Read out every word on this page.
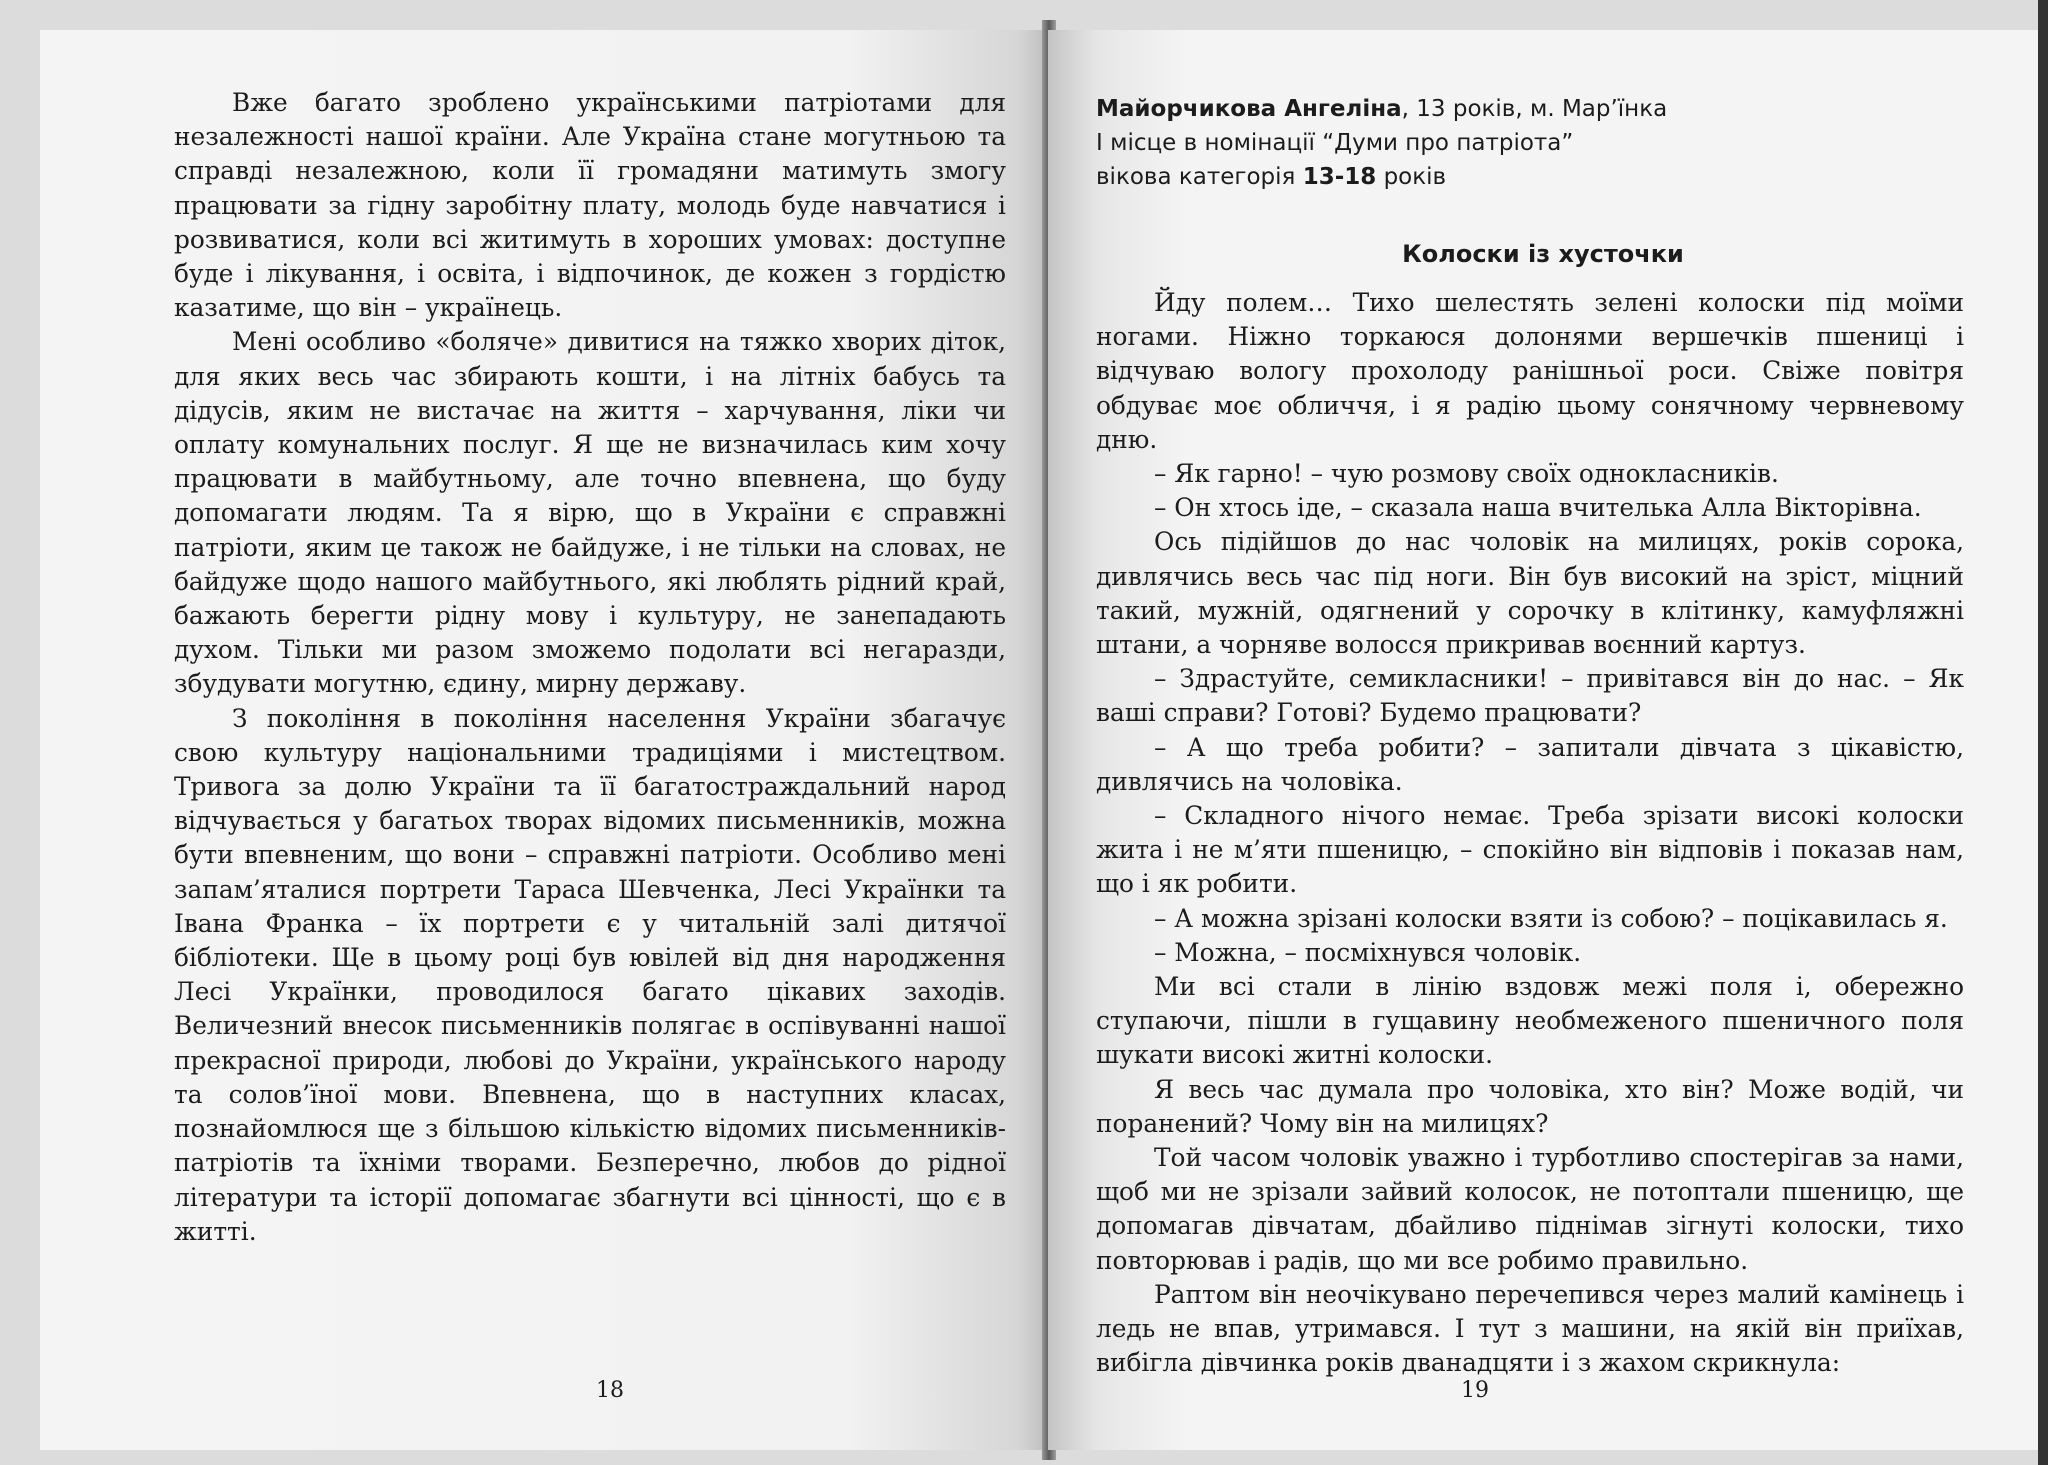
Вже багато зроблено українськими патріотами для незалежності нашої країни. Але Україна стане могутньою та справді незалежною, коли її громадяни матимуть змогу працювати за гідну заробітну плату, молодь буде навчатися і розвиватися, коли всі житимуть в хороших умовах: доступне буде і лікування, і освіта, і відпочинок, де кожен з гордістю казатиме, що він – українець.

Мені особливо «боляче» дивитися на тяжко хворих діток, для яких весь час збирають кошти, і на літніх бабусь та дідусів, яким не вистачає на життя – харчування, ліки чи оплату комунальних послуг. Я ще не визначилась ким хочу працювати в майбутньому, але точно впевнена, що буду допомагати людям. Та я вірю, що в України є справжні патріоти, яким це також не байдуже, і не тільки на словах, не байдуже щодо нашого майбутнього, які люблять рідний край, бажають берегти рідну мову і культуру, не занепадають духом. Тільки ми разом зможемо подолати всі негаразди, збудувати могутню, єдину, мирну державу.

З покоління в покоління населення України збагачує свою культуру національними традиціями і мистецтвом. Тривога за долю України та її багатостраждальний народ відчувається у багатьох творах відомих письменників, можна бути впевненим, що вони – справжні патріоти. Особливо мені запам’яталися портрети Тараса Шевченка, Лесі Українки та Івана Франка – їх портрети є у читальній залі дитячої бібліотеки. Ще в цьому році був ювілей від дня народження Лесі Українки, проводилося багато цікавих заходів. Величезний внесок письменників полягає в оспівуванні нашої прекрасної природи, любові до України, українського народу та солов’їної мови. Впевнена, що в наступних класах, познайомлюся ще з більшою кількістю відомих письменників-патріотів та їхніми творами. Безперечно, любов до рідної літератури та історії допомагає збагнути всі цінності, що є в житті.

18
Майорчикова Ангеліна, 13 років, м. Мар’їнка
І місце в номінації “Думи про патріота”
вікова категорія 13-18 років
Колоски із хусточки

Йду полем… Тихо шелестять зелені колоски під моїми ногами. Ніжно торкаюся долонями вершечків пшениці і відчуваю вологу прохолоду ранішньої роси. Свіже повітря обдуває моє обличчя, і я радію цьому сонячному червневому дню.

– Як гарно! – чую розмову своїх однокласників.

– Он хтось іде, – сказала наша вчителька Алла Вікторівна.

Ось підійшов до нас чоловік на милицях, років сорока, дивлячись весь час під ноги. Він був високий на зріст, міцний такий, мужній, одягнений у сорочку в клітинку, камуфляжні штани, а чорняве волосся прикривав воєнний картуз.

– Здрастуйте, семикласники! – привітався він до нас. – Як ваші справи? Готові? Будемо працювати?

– А що треба робити? – запитали дівчата з цікавістю, дивлячись на чоловіка.

– Складного нічого немає. Треба зрізати високі колоски жита і не м’яти пшеницю, – спокійно він відповів і показав нам, що і як робити.

– А можна зрізані колоски взяти із собою? – поцікавилась я.

– Можна, – посміхнувся чоловік.

Ми всі стали в лінію вздовж межі поля і, обережно ступаючи, пішли в гущавину необмеженого пшеничного поля шукати високі житні колоски.

Я весь час думала про чоловіка, хто він? Може водій, чи поранений? Чому він на милицях?

Той часом чоловік уважно і турботливо спостерігав за нами, щоб ми не зрізали зайвий колосок, не потоптали пшеницю, ще допомагав дівчатам, дбайливо піднімав зігнуті колоски, тихо повторював і радів, що ми все робимо правильно.

Раптом він неочікувано перечепився через малий камінець і ледь не впав, утримався. І тут з машини, на якій він приїхав, вибігла дівчинка років дванадцяти і з жахом скрикнула:

19
